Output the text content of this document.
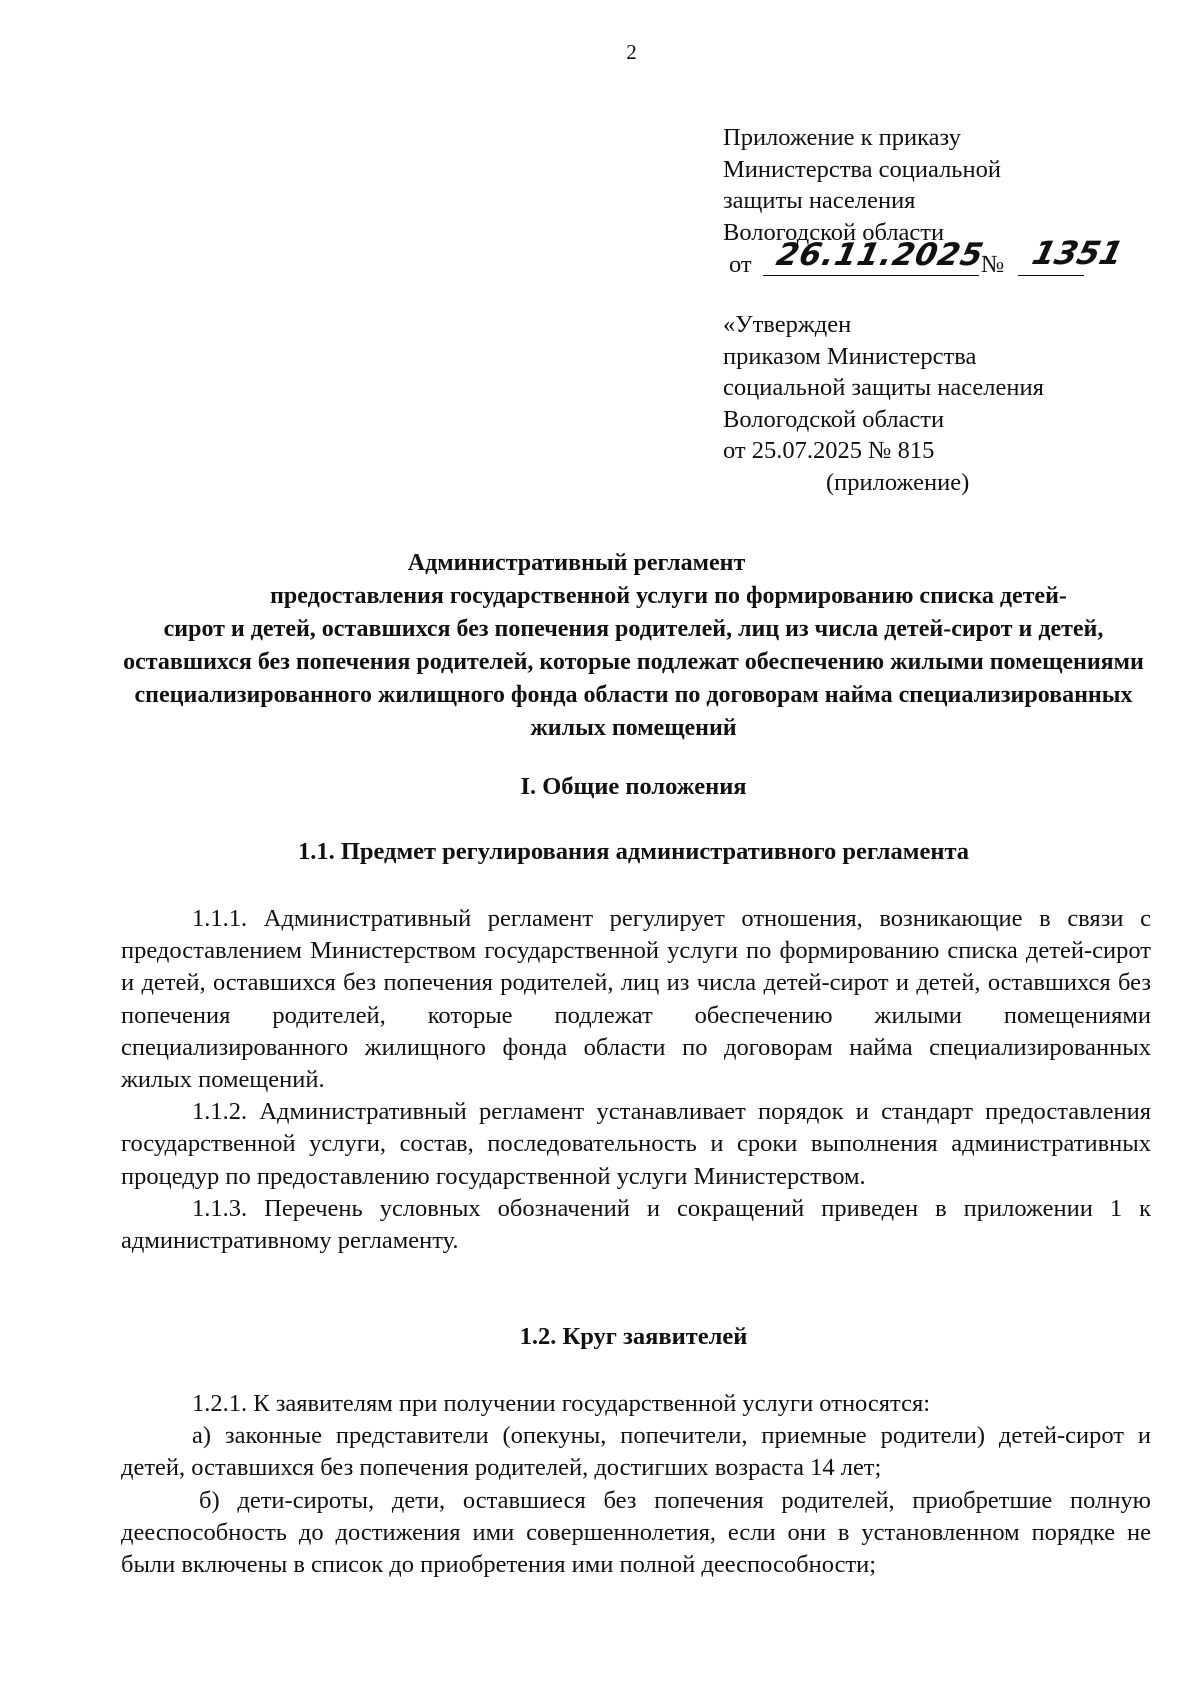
2
Приложение к приказу
Министерства социальной
защиты населения
Вологодской области
от 26.11.2025
№ 1351
«Утвержден
приказом Министерства
социальной защиты населения
Вологодской области
от 25.07.2025 № 815
(приложение)
Административный регламент
предоставления государственной услуги по формированию списка детей-
сирот и детей, оставшихся без попечения родителей, лиц из числа детей-сирот и детей, оставшихся без попечения родителей, которые подлежат обеспечению жилыми помещениями специализированного жилищного фонда области по договорам найма специализированных жилых помещений
I. Общие положения
1.1. Предмет регулирования административного регламента

1.1.1. Административный регламент регулирует отношения, возникающие в связи с предоставлением Министерством государственной услуги по формированию списка детей-сирот и детей, оставшихся без попечения родителей, лиц из числа детей-сирот и детей, оставшихся без попечения родителей, которые подлежат обеспечению жилыми помещениями специализированного жилищного фонда области по договорам найма специализированных жилых помещений.

1.1.2. Административный регламент устанавливает порядок и стандарт предоставления государственной услуги, состав, последовательность и сроки выполнения административных процедур по предоставлению государственной услуги Министерством.

1.1.3. Перечень условных обозначений и сокращений приведен в приложении 1 к административному регламенту.

1.2. Круг заявителей

1.2.1. К заявителям при получении государственной услуги относятся:

а) законные представители (опекуны, попечители, приемные родители) детей-сирот и детей, оставшихся без попечения родителей, достигших возраста 14 лет;

б) дети-сироты, дети, оставшиеся без попечения родителей, приобретшие полную дееспособность до достижения ими совершеннолетия, если они в установленном порядке не были включены в список до приобретения ими полной дееспособности;
